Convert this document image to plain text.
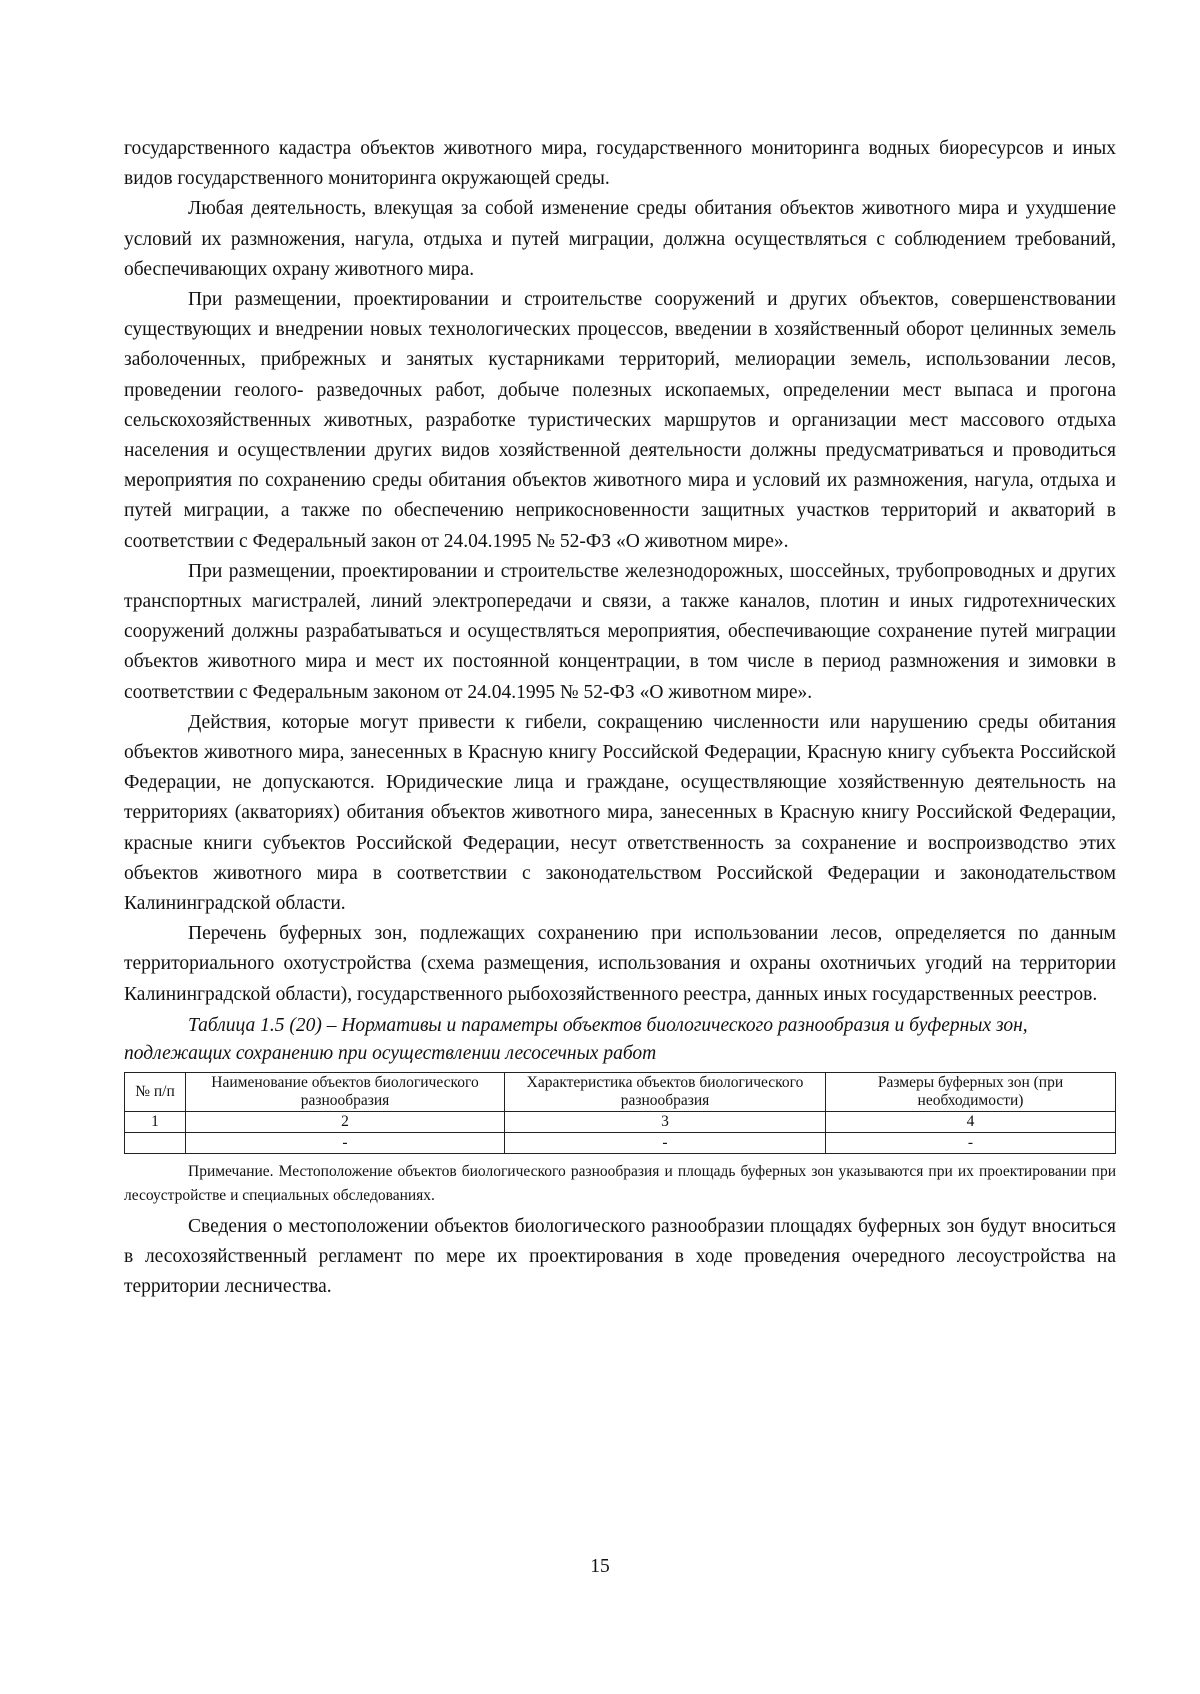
государственного кадастра объектов животного мира, государственного мониторинга водных биоресурсов и иных видов государственного мониторинга окружающей среды.

Любая деятельность, влекущая за собой изменение среды обитания объектов животного мира и ухудшение условий их размножения, нагула, отдыха и путей миграции, должна осуществляться с соблюдением требований, обеспечивающих охрану животного мира.

При размещении, проектировании и строительстве сооружений и других объектов, совершенствовании существующих и внедрении новых технологических процессов, введении в хозяйственный оборот целинных земель заболоченных, прибрежных и занятых кустарниками территорий, мелиорации земель, использовании лесов, проведении геолого- разведочных работ, добыче полезных ископаемых, определении мест выпаса и прогона сельскохозяйственных животных, разработке туристических маршрутов и организации мест массового отдыха населения и осуществлении других видов хозяйственной деятельности должны предусматриваться и проводиться мероприятия по сохранению среды обитания объектов животного мира и условий их размножения, нагула, отдыха и путей миграции, а также по обеспечению неприкосновенности защитных участков территорий и акваторий в соответствии с Федеральный закон от 24.04.1995 № 52-ФЗ «О животном мире».

При размещении, проектировании и строительстве железнодорожных, шоссейных, трубопроводных и других транспортных магистралей, линий электропередачи и связи, а также каналов, плотин и иных гидротехнических сооружений должны разрабатываться и осуществляться мероприятия, обеспечивающие сохранение путей миграции объектов животного мира и мест их постоянной концентрации, в том числе в период размножения и зимовки в соответствии с Федеральным законом от 24.04.1995 № 52-ФЗ «О животном мире».

Действия, которые могут привести к гибели, сокращению численности или нарушению среды обитания объектов животного мира, занесенных в Красную книгу Российской Федерации, Красную книгу субъекта Российской Федерации, не допускаются. Юридические лица и граждане, осуществляющие хозяйственную деятельность на территориях (акваториях) обитания объектов животного мира, занесенных в Красную книгу Российской Федерации, красные книги субъектов Российской Федерации, несут ответственность за сохранение и воспроизводство этих объектов животного мира в соответствии с законодательством Российской Федерации и законодательством Калининградской области.

Перечень буферных зон, подлежащих сохранению при использовании лесов, определяется по данным территориального охотустройства (схема размещения, использования и охраны охотничьих угодий на территории Калининградской области), государственного рыбохозяйственного реестра, данных иных государственных реестров.

Таблица 1.5 (20) – Нормативы и параметры объектов биологического разнообразия и буферных зон, подлежащих сохранению при осуществлении лесосечных работ

№ п/п	Наименование объектов биологического разнообразия	Характеристика объектов биологического разнообразия	Размеры буферных зон (при необходимости)
1	2	3	4
	-	-	-

Примечание. Местоположение объектов биологического разнообразия и площадь буферных зон указываются при их проектировании при лесоустройстве и специальных обследованиях.

Сведения о местоположении объектов биологического разнообразии площадях буферных зон будут вноситься в лесохозяйственный регламент по мере их проектирования в ходе проведения очередного лесоустройства на территории лесничества.

15
